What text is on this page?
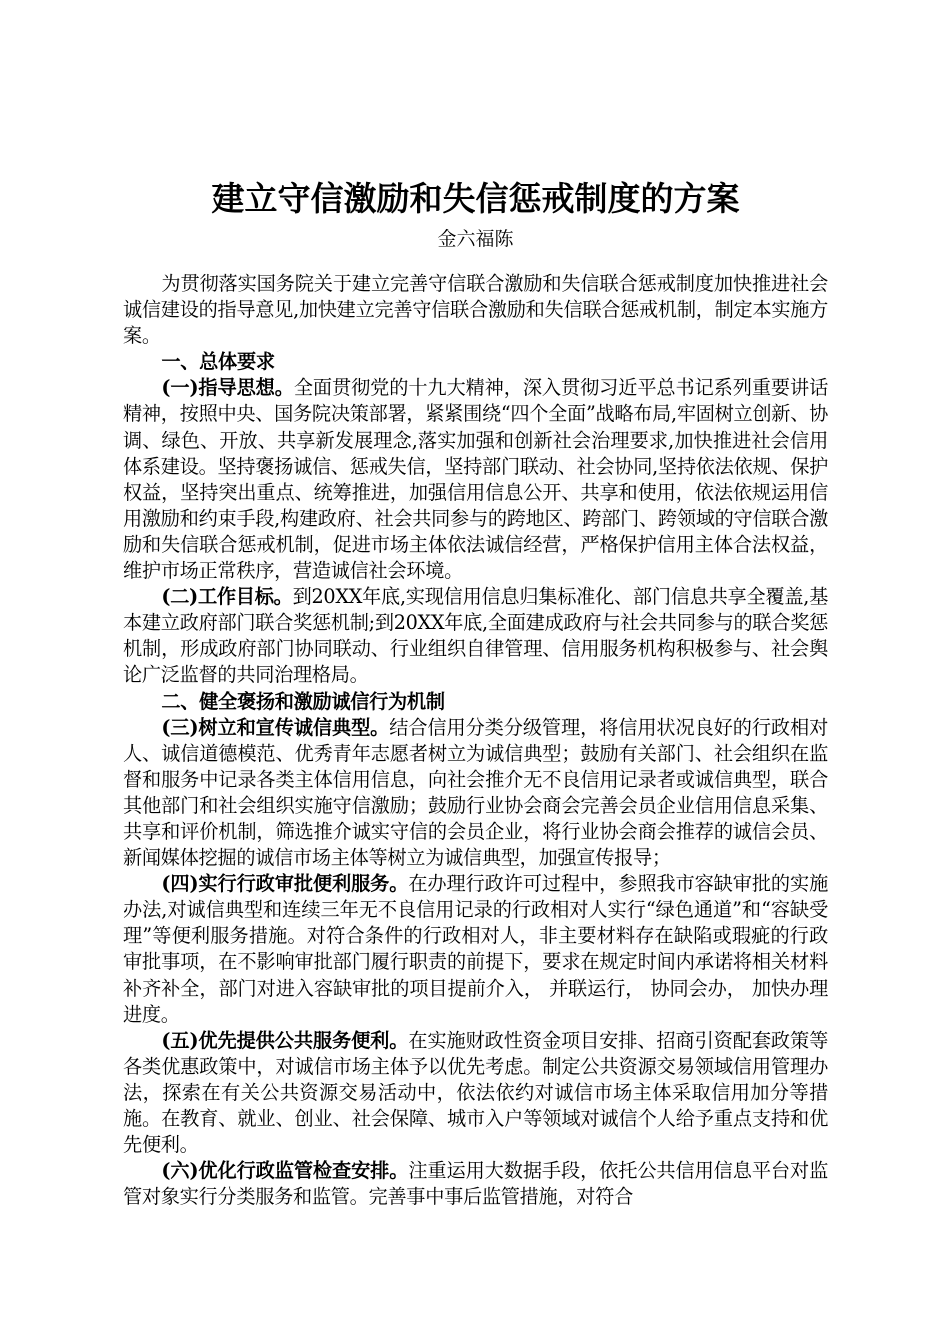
建立守信激励和失信惩戒制度的方案
金六福陈

为贯彻落实国务院关于建立完善守信联合激励和失信联合惩戒制度加快推进社会诚信建设的指导意见,加快建立完善守信联合激励和失信联合惩戒机制，制定本实施方案。

一、总体要求

(一)指导思想。全面贯彻党的十九大精神，深入贯彻习近平总书记系列重要讲话精神，按照中央、国务院决策部署，紧紧围绕“四个全面”战略布局,牢固树立创新、协调、绿色、开放、共享新发展理念,落实加强和创新社会治理要求,加快推进社会信用体系建设。坚持褒扬诚信、惩戒失信，坚持部门联动、社会协同,坚持依法依规、保护权益，坚持突出重点、统筹推进，加强信用信息公开、共享和使用，依法依规运用信用激励和约束手段,构建政府、社会共同参与的跨地区、跨部门、跨领域的守信联合激励和失信联合惩戒机制，促进市场主体依法诚信经营，严格保护信用主体合法权益，维护市场正常秩序，营造诚信社会环境。

(二)工作目标。到20XX年底,实现信用信息归集标准化、部门信息共享全覆盖,基本建立政府部门联合奖惩机制;到20XX年底,全面建成政府与社会共同参与的联合奖惩机制，形成政府部门协同联动、行业组织自律管理、信用服务机构积极参与、社会舆论广泛监督的共同治理格局。

二、健全褒扬和激励诚信行为机制

(三)树立和宣传诚信典型。结合信用分类分级管理，将信用状况良好的行政相对人、诚信道德模范、优秀青年志愿者树立为诚信典型；鼓励有关部门、社会组织在监督和服务中记录各类主体信用信息，向社会推介无不良信用记录者或诚信典型，联合其他部门和社会组织实施守信激励；鼓励行业协会商会完善会员企业信用信息采集、共享和评价机制，筛选推介诚实守信的会员企业，将行业协会商会推荐的诚信会员、新闻媒体挖掘的诚信市场主体等树立为诚信典型，加强宣传报导；

(四)实行行政审批便利服务。在办理行政许可过程中，参照我市容缺审批的实施办法,对诚信典型和连续三年无不良信用记录的行政相对人实行“绿色通道”和“容缺受理”等便利服务措施。对符合条件的行政相对人，非主要材料存在缺陷或瑕疵的行政审批事项，在不影响审批部门履行职责的前提下，要求在规定时间内承诺将相关材料补齐补全，部门对进入容缺审批的项目提前介入， 并联运行， 协同会办， 加快办理进度。

(五)优先提供公共服务便利。在实施财政性资金项目安排、招商引资配套政策等各类优惠政策中，对诚信市场主体予以优先考虑。制定公共资源交易领域信用管理办法，探索在有关公共资源交易活动中，依法依约对诚信市场主体采取信用加分等措施。在教育、就业、创业、社会保障、城市入户等领域对诚信个人给予重点支持和优先便利。

(六)优化行政监管检查安排。注重运用大数据手段，依托公共信用信息平台对监管对象实行分类服务和监管。完善事中事后监管措施，对符合
